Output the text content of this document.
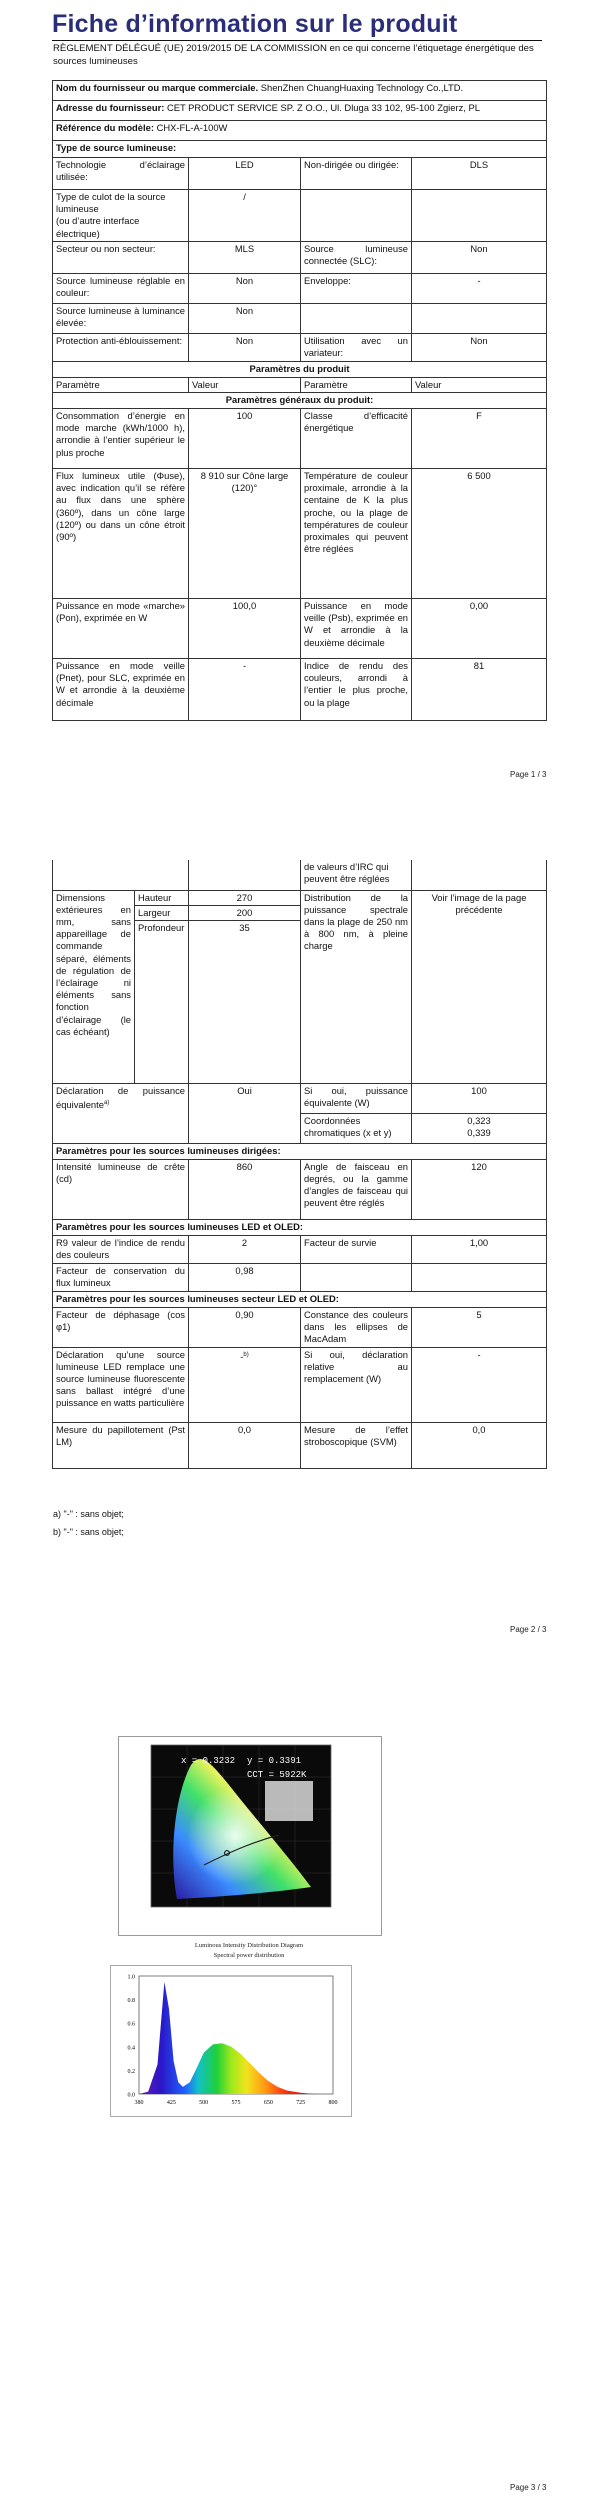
Fiche d’information sur le produit
RÈGLEMENT DÉLÉGUÉ (UE) 2019/2015 DE LA COMMISSION en ce qui concerne l’étiquetage énergétique des sources lumineuses
Nom du fournisseur ou marque commerciale. ShenZhen ChuangHuaxing Technology Co.,LTD.			
Adresse du fournisseur: CET PRODUCT SERVICE SP. Z O.O., Ul. Dluga 33 102, 95-100 Zgierz, PL			
Référence du modèle: CHX-FL-A-100W			
Type de source lumineuse:			
Technologie d’éclairage utilisée:	LED	Non-dirigée ou dirigée:	DLS
Type de culot de la source lumineuse
(ou d’autre interface électrique)	/		
Secteur ou non secteur:	MLS	Source lumineuse connectée (SLC):	Non
Source lumineuse réglable en couleur:	Non	Enveloppe:	-
Source lumineuse à luminance élevée:	Non		
Protection anti-éblouissement:	Non	Utilisation avec un variateur:	Non
Paramètres du produit			
Paramètre	Valeur	Paramètre	Valeur
Paramètres généraux du produit:			
Consommation d’énergie en mode marche (kWh/1000 h), arrondie à l’entier supérieur le plus proche	100	Classe d’efficacité énergétique	F
Flux lumineux utile (Φuse), avec indication qu’il se réfère au flux dans une sphère (360º), dans un cône large (120º) ou dans un cône étroit (90º)	8 910 sur Cône large (120)°	Température de couleur proximale, arrondie à la centaine de K la plus proche, ou la plage de températures de couleur proximales qui peuvent être réglées	6 500
Puissance en mode «marche» (Pon), exprimée en W	100,0	Puissance en mode veille (Psb), exprimée en W et arrondie à la deuxième décimale	0,00
Puissance en mode veille (Pnet), pour SLC, exprimée en W et arrondie à la deuxième décimale	-	Indice de rendu des couleurs, arrondi à l’entier le plus proche, ou la plage	81
Page 1 / 3
			de valeurs d’IRC qui peuvent être réglées	
Dimensions extérieures en mm, sans appareillage de commande séparé, éléments de régulation de l’éclairage ni éléments sans fonction d’éclairage (le cas échéant)	Hauteur	270	Distribution de la puissance spectrale dans la plage de 250 nm à 800 nm, à pleine charge	Voir l’image de la page précédente
	Largeur	200		
	Profondeur	35		
Déclaration de puissance équivalente$^{a)}$		Oui	Si oui, puissance équivalente (W)	100
			Coordonnées chromatiques (x et y)	0,323
0,339

Paramètres pour les sources lumineuses dirigées:				
Intensité lumineuse de crête (cd)		860	Angle de faisceau en degrés, ou la gamme d’angles de faisceau qui peuvent être réglés	120
Paramètres pour les sources lumineuses LED et OLED:				
R9 valeur de l’indice de rendu des couleurs		2	Facteur de survie	1,00
Facteur de conservation du flux lumineux		0,98		
Paramètres pour les sources lumineuses secteur LED et OLED:				
Facteur de déphasage (cos φ1)		0,90	Constance des couleurs dans les ellipses de MacAdam	5
Déclaration qu’une source lumineuse LED remplace une source lumineuse fluorescente sans ballast intégré d’une puissance en watts particulière		-$^{b)}$	Si oui, déclaration relative au remplacement (W)	-
Mesure du papillotement (Pst LM)		0,0	Mesure de l’effet stroboscopique (SVM)	0,0
a) "-" : sans objet;
b) "-" : sans objet;
Page 2 / 3
x = 0.3232 y = 0.3391
CCT = 5922K
Luminous Intensity Distribution Diagram
Spectral power distribution
0.0
0.2
0.4
0.6
0.8
1.0
380	425	500	575	650	725	800
Page 3 / 3
